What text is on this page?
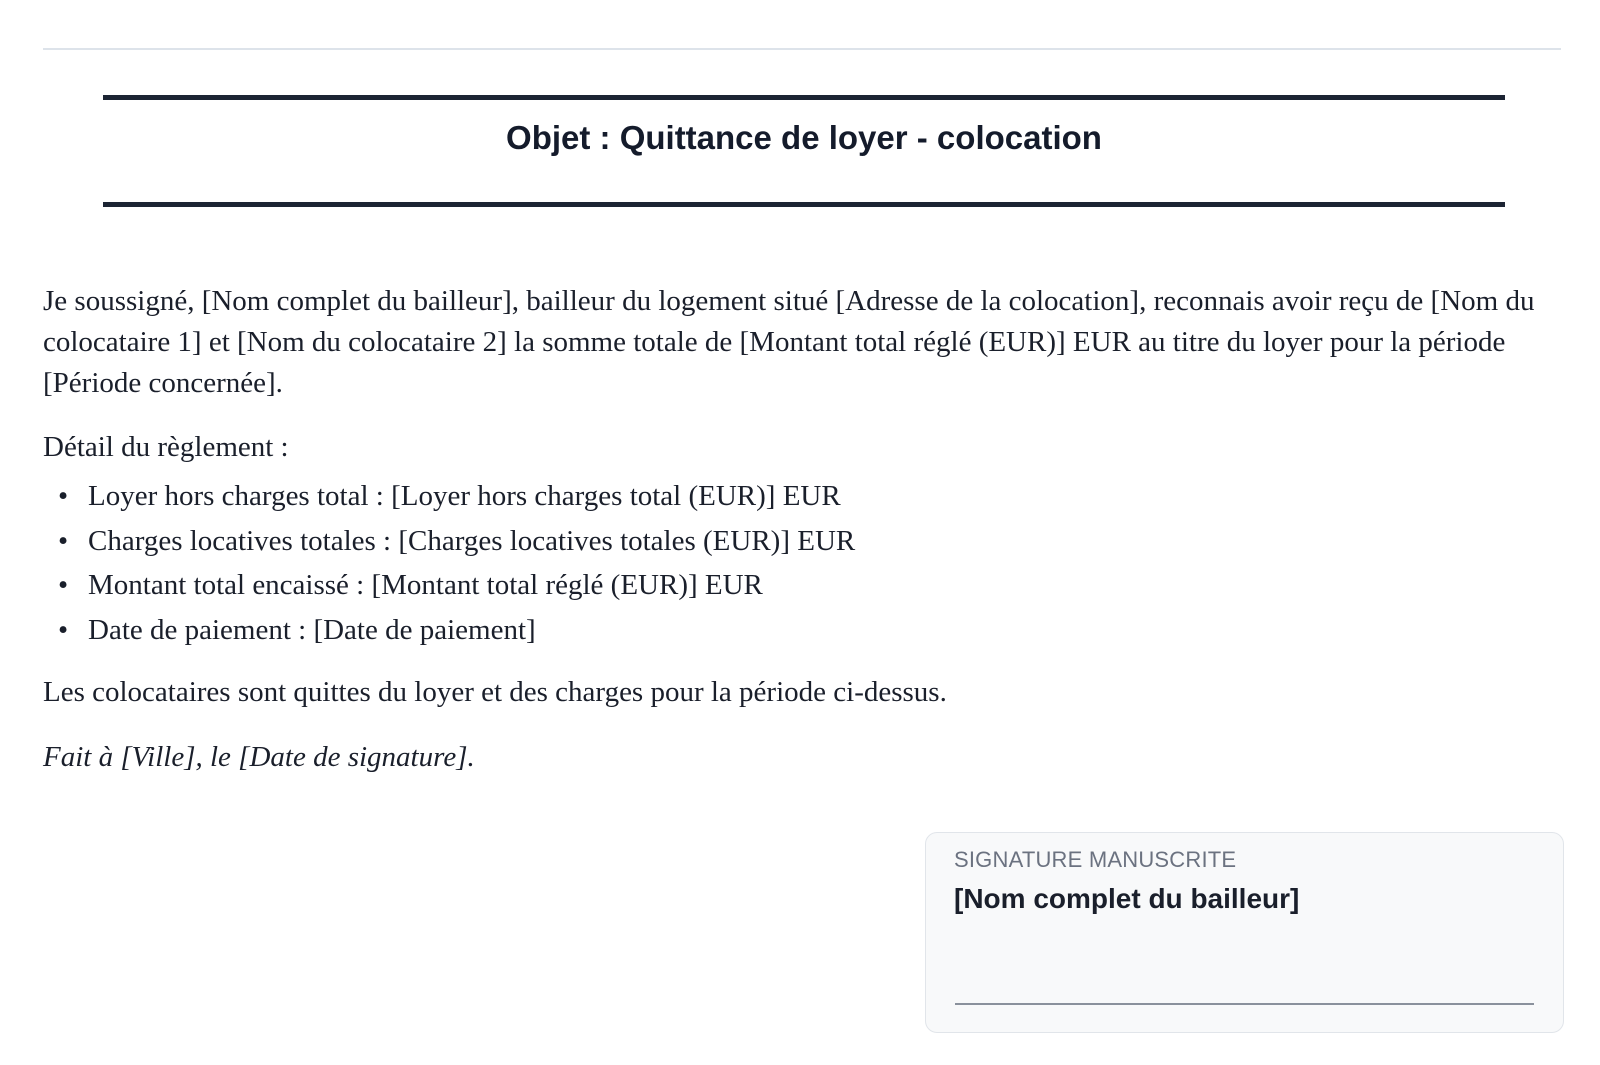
Objet : Quittance de loyer - colocation

Je soussigné, [Nom complet du bailleur], bailleur du logement situé [Adresse de la colocation], reconnais avoir reçu de [Nom du colocataire 1] et [Nom du colocataire 2] la somme totale de [Montant total réglé (EUR)] EUR au titre du loyer pour la période [Période concernée].

Détail du règlement :

• Loyer hors charges total : [Loyer hors charges total (EUR)] EUR
• Charges locatives totales : [Charges locatives totales (EUR)] EUR
• Montant total encaissé : [Montant total réglé (EUR)] EUR
• Date de paiement : [Date de paiement]

Les colocataires sont quittes du loyer et des charges pour la période ci-dessus.

Fait à [Ville], le [Date de signature].

SIGNATURE MANUSCRITE
[Nom complet du bailleur]
